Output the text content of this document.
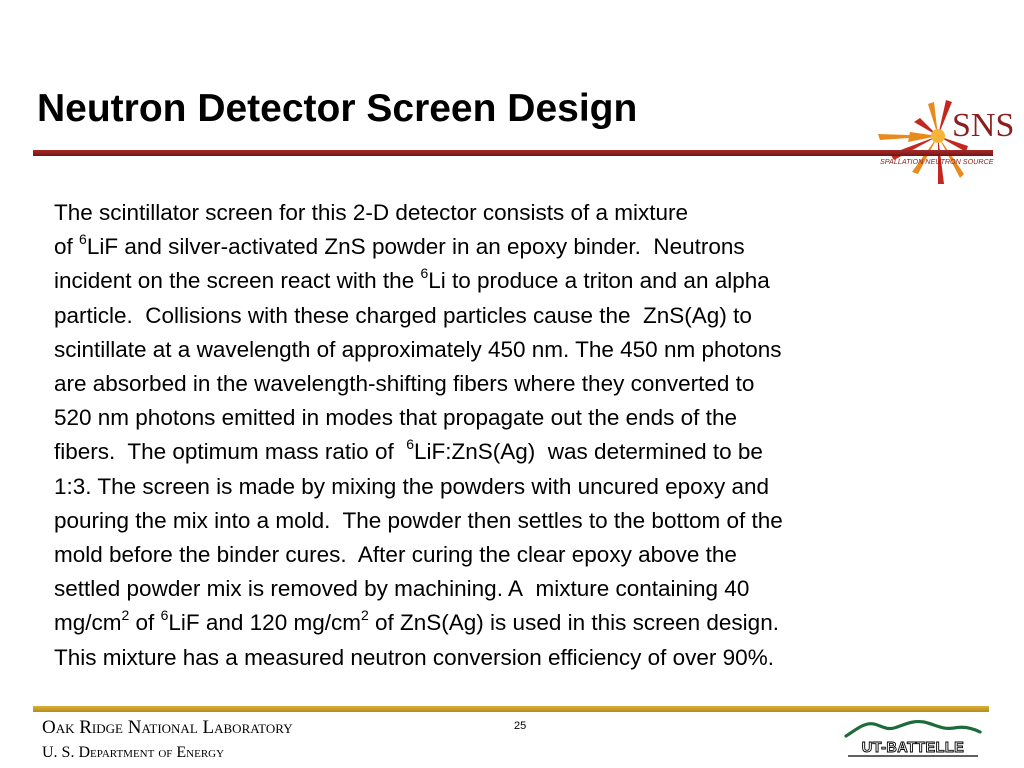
Neutron Detector Screen Design	SNS
SPALLATION NEUTRON SOURCE

The scintillator screen for this 2-D detector consists of a mixture
of $^6$LiF and silver-activated ZnS powder in an epoxy binder.  Neutrons
incident on the screen react with the $^6$Li to produce a triton and an alpha
particle.  Collisions with these charged particles cause the  ZnS(Ag) to
scintillate at a wavelength of approximately 450 nm. The 450 nm photons
are absorbed in the wavelength-shifting fibers where they converted to
520 nm photons emitted in modes that propagate out the ends of the
fibers.  The optimum mass ratio of  $^6$LiF:ZnS(Ag)  was determined to be
1:3. The screen is made by mixing the powders with uncured epoxy and
pouring the mix into a mold.  The powder then settles to the bottom of the
mold before the binder cures.  After curing the clear epoxy above the
settled powder mix is removed by machining. A  mixture containing 40
$mg/cm^2$ of $^6$LiF and 120 $mg/cm^2$ of ZnS(Ag) is used in this screen design.
This mixture has a measured neutron conversion efficiency of over 90%.

Oak Ridge National Laboratory
U. S. Department of Energy
25
UT-BATTELLE
